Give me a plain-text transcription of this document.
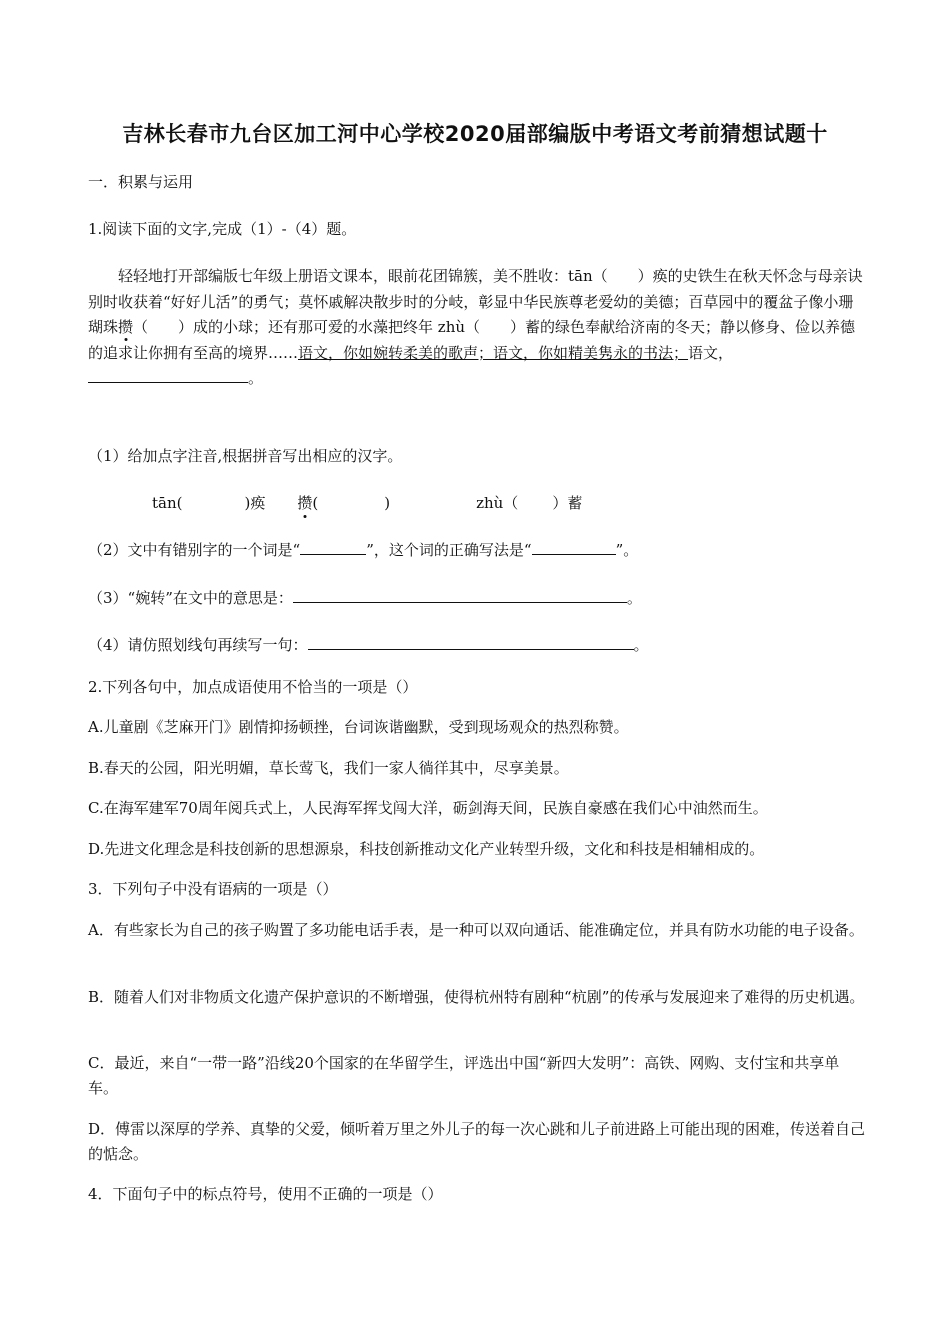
吉林长春市九台区加工河中心学校2020届部编版中考语文考前猜想试题十
一．积累与运用
1.阅读下面的文字,完成（1）-（4）题。

轻轻地打开部编版七年级上册语文课本，眼前花团锦簇，美不胜收：tān（　　）痪的史铁生在秋天怀念与母亲诀别时收获着“好好儿活”的勇气；莫怀戚解决散步时的分岐，彰显中华民族尊老爱幼的美德；百草园中的覆盆子像小珊瑚珠攒（　　）成的小球；还有那可爱的水藻把终年 zhù（　　）蓄的绿色奉献给济南的冬天；静以修身、俭以养德的追求让你拥有至高的境界……语文，你如婉转柔美的歌声；语文，你如精美隽永的书法；语文，。

（1）给加点字注音,根据拼音写出相应的汉字。
tān(	)痪 攒(	)	zhù（ ）蓄
（2）文中有错别字的一个词是“	”，这个词的正确写法是“	”。
（3）“婉转”在文中的意思是：	。
（4）请仿照划线句再续写一句：	。
2.下列各句中，加点成语使用不恰当的一项是（）
A.儿童剧《芝麻开门》剧情抑扬顿挫，台词诙谐幽默，受到现场观众的热烈称赞。
B.春天的公园，阳光明媚，草长莺飞，我们一家人徜徉其中，尽享美景。
C.在海军建军70周年阅兵式上，人民海军挥戈闯大洋，砺剑海天间，民族自豪感在我们心中油然而生。
D.先进文化理念是科技创新的思想源泉，科技创新推动文化产业转型升级，文化和科技是相辅相成的。
3．下列句子中没有语病的一项是（）
A．有些家长为自己的孩子购置了多功能电话手表，是一种可以双向通话、能准确定位，并具有防水功能的电子设备。
B．随着人们对非物质文化遗产保护意识的不断增强，使得杭州特有剧种“杭剧”的传承与发展迎来了难得的历史机遇。
C．最近，来自“一带一路”沿线20个国家的在华留学生，评选出中国“新四大发明”：高铁、网购、支付宝和共享单车。
D．傅雷以深厚的学养、真挚的父爱，倾听着万里之外儿子的每一次心跳和儿子前进路上可能出现的困难，传送着自己的惦念。
4．下面句子中的标点符号，使用不正确的一项是（）
